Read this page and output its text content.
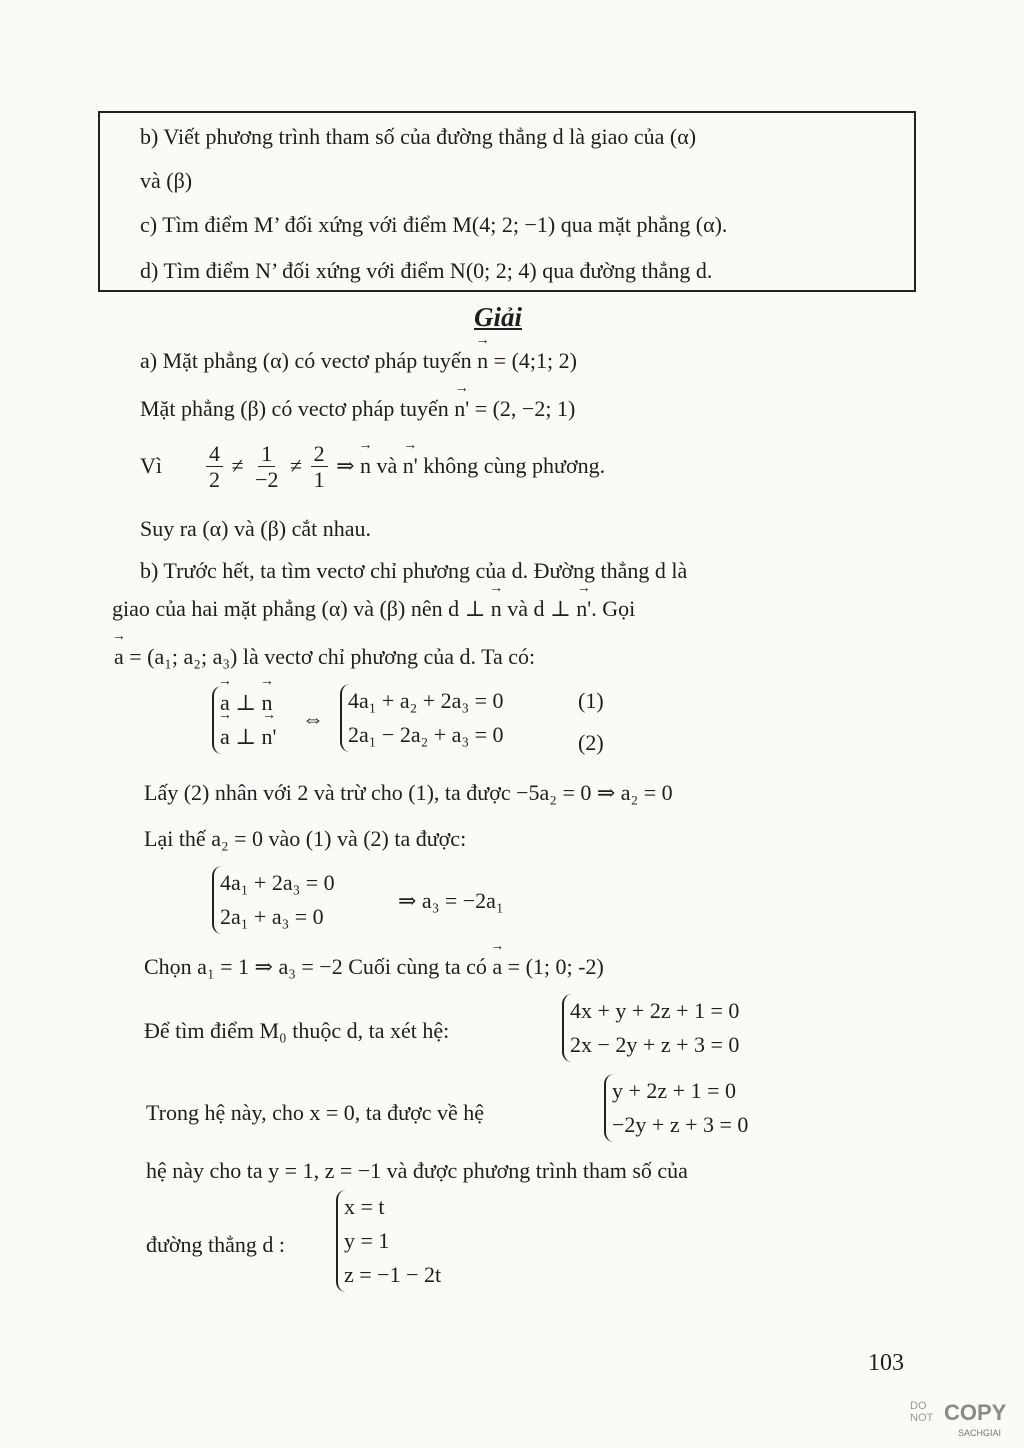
b) Viết phương trình tham số của đường thẳng d là giao của (α)
và (β)
c) Tìm điểm M’ đối xứng với điểm M(4; 2; −1) qua mặt phẳng (α).
d) Tìm điểm N’ đối xứng với điểm N(0; 2; 4) qua đường thẳng d.
Giải
a) Mặt phẳng (α) có vectơ pháp tuyến → n = (4;1; 2)
Mặt phẳng (β) có vectơ pháp tuyến → n' = (2, −2; 1)
Vì $\frac{4}{2} \ne \frac{1}{-2} \ne \frac{2}{1}$ ⇒ → n và → n' không cùng phương.
Suy ra (α) và (β) cắt nhau.
b) Trước hết, ta tìm vectơ chỉ phương của d. Đường thẳng d là
giao của hai mặt phẳng (α) và (β) nên d ⊥ → n và d ⊥ → n'. Gọi
→ a = (a₁; a₂; a₃) là vectơ chỉ phương của d. Ta có:
→ a ⊥ → n
→ a ⊥ → n'
⇔
4a₁ + a₂ + 2a₃ = 0
2a₁ − 2a₂ + a₃ = 0
(1)
(2)
Lấy (2) nhân với 2 và trừ cho (1), ta được −5a₂ = 0 ⇒ a₂ = 0
Lại thế a₂ = 0 vào (1) và (2) ta được:
4a₁ + 2a₃ = 0
2a₁ + a₃ = 0
⇒ a₃ = −2a₁
Chọn a₁ = 1 ⇒ a₃ = −2 Cuối cùng ta có → a = (1; 0; -2)
Để tìm điểm M₀ thuộc d, ta xét hệ:
4x + y + 2z + 1 = 0
2x − 2y + z + 3 = 0
Trong hệ này, cho x = 0, ta được về hệ
y + 2z + 1 = 0
−2y + z + 3 = 0
hệ này cho ta y = 1, z = −1 và được phương trình tham số của
đường thẳng d :
x = t
y = 1
z = −1 − 2t
103
DO
NOT COPY
SACHGIAI
